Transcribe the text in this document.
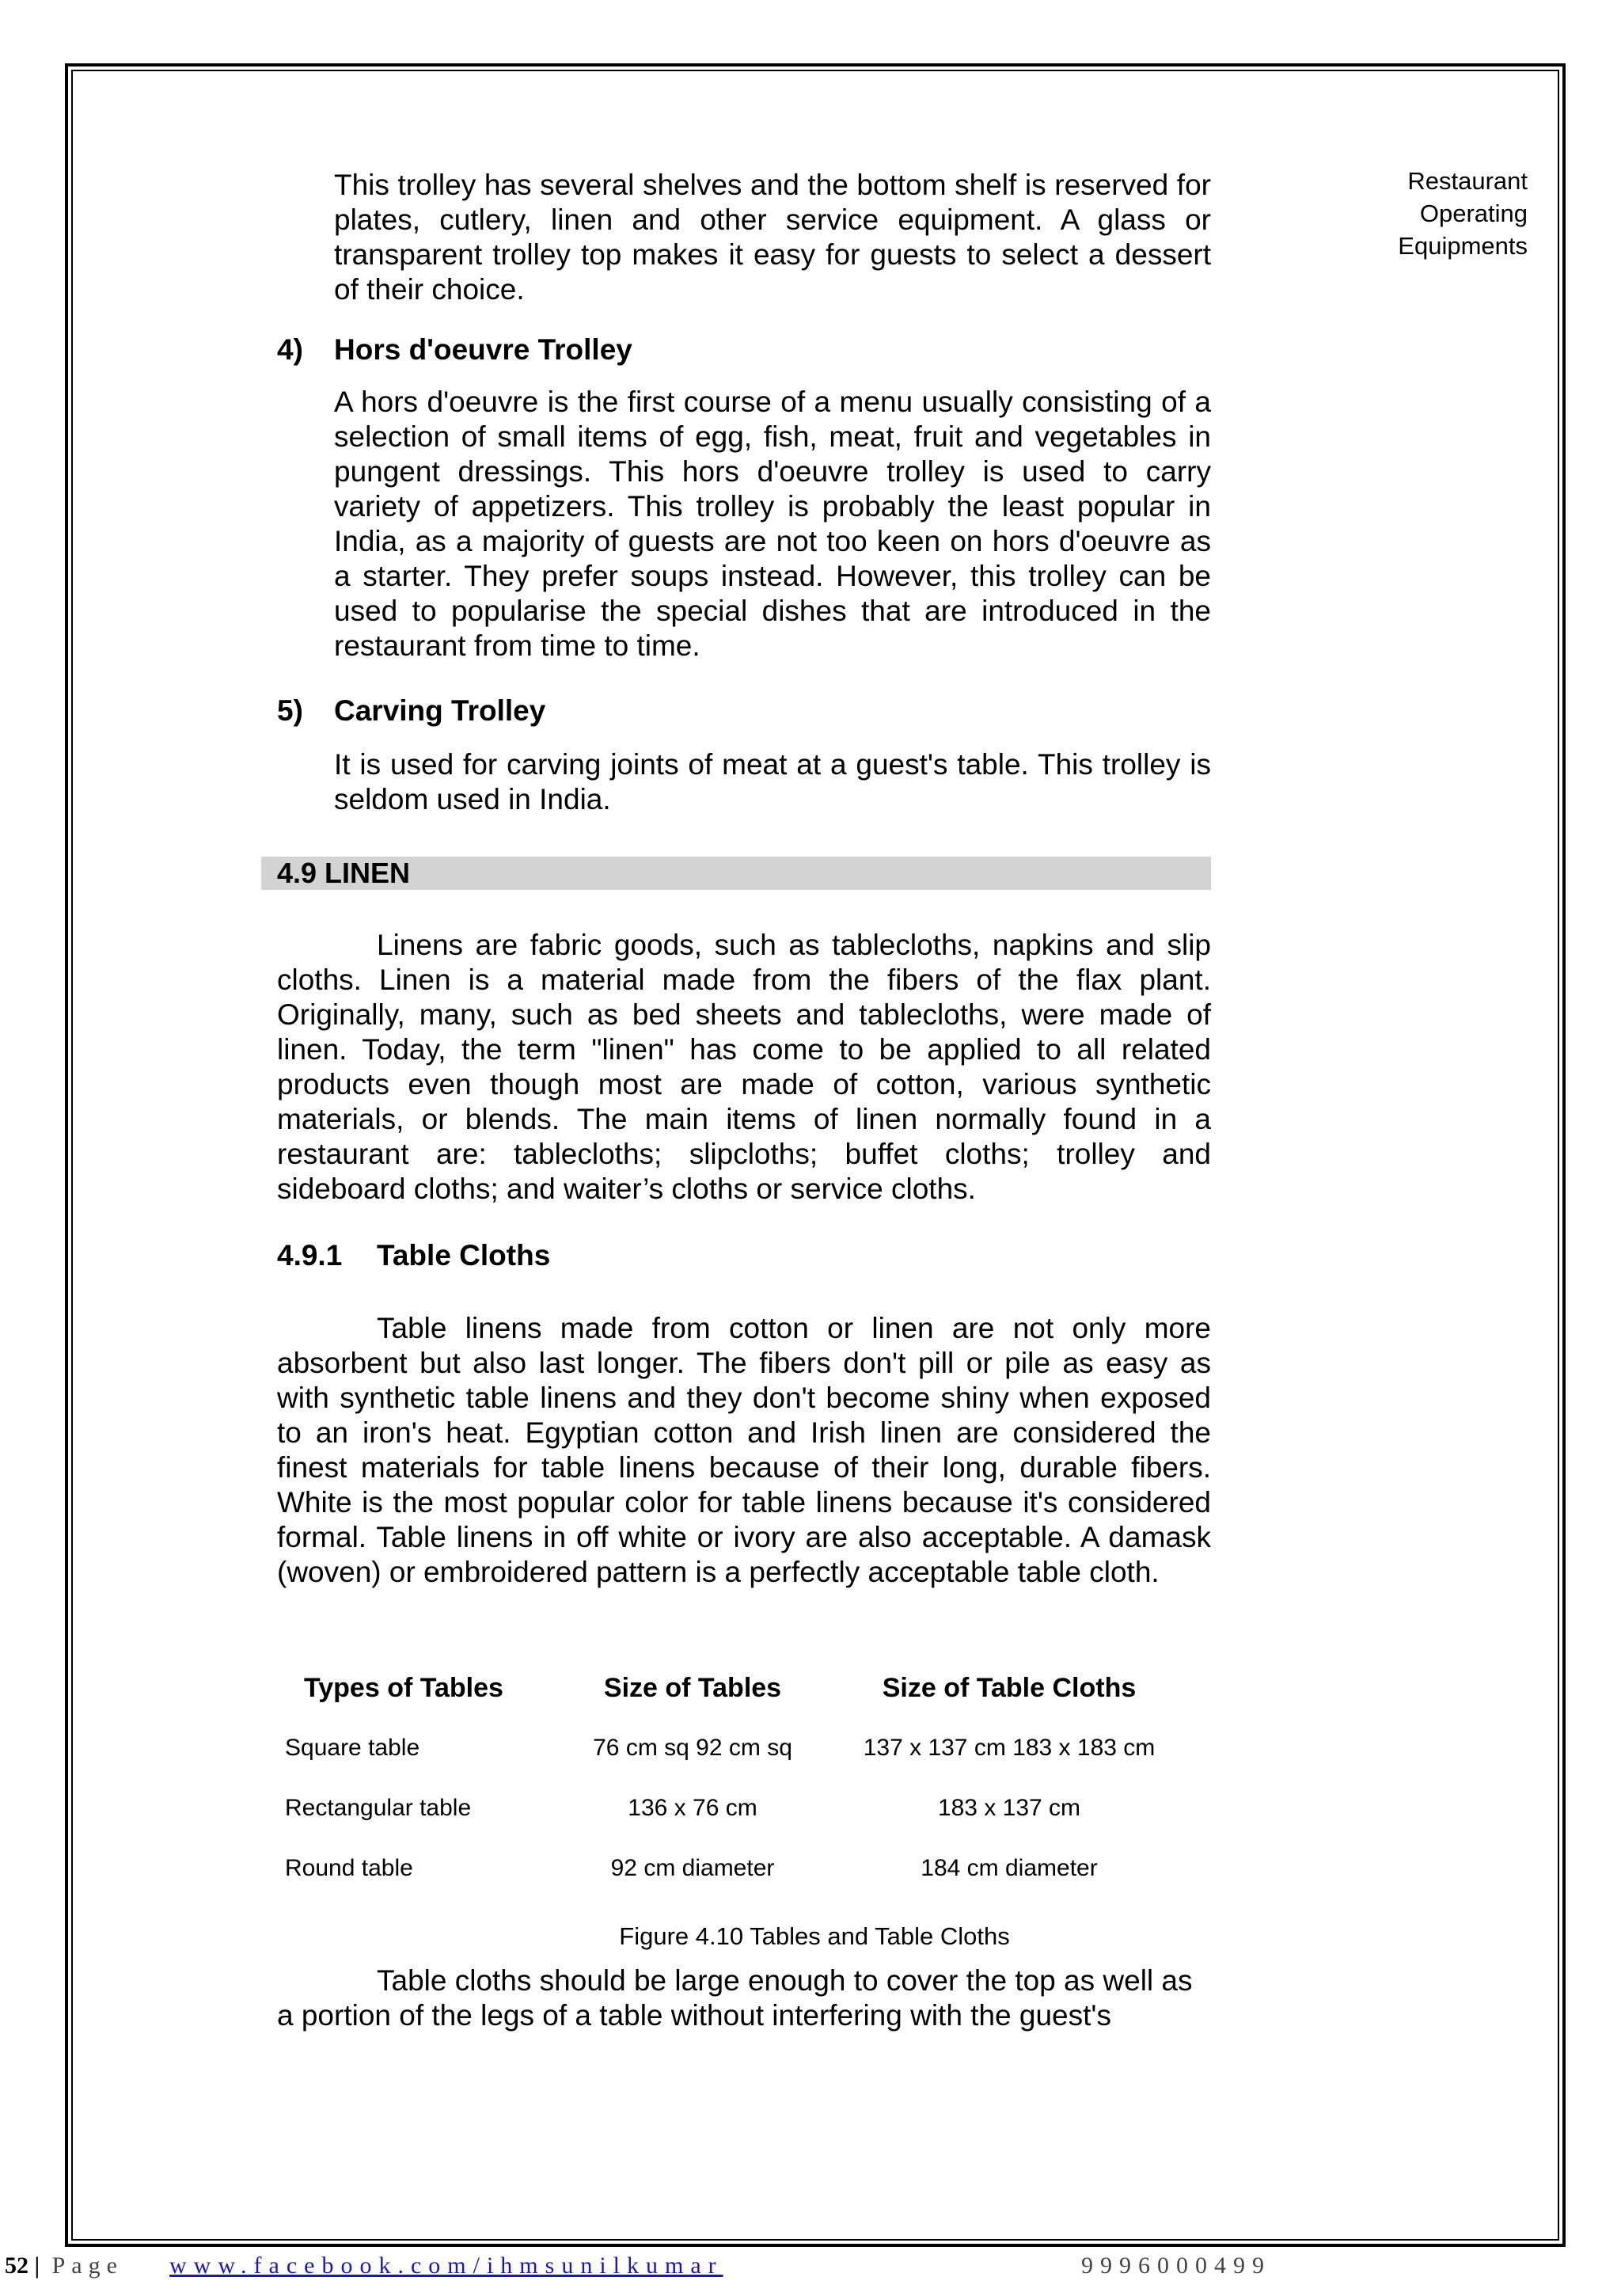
Restaurant
Operating
Equipments

This trolley has several shelves and the bottom shelf is reserved for plates, cutlery, linen and other service equipment. A glass or transparent trolley top makes it easy for guests to select a dessert of their choice.

4) Hors d'oeuvre Trolley

A hors d'oeuvre is the first course of a menu usually consisting of a selection of small items of egg, fish, meat, fruit and vegetables in pungent dressings. This hors d'oeuvre trolley is used to carry variety of appetizers. This trolley is probably the least popular in India, as a majority of guests are not too keen on hors d'oeuvre as a starter. They prefer soups instead. However, this trolley can be used to popularise the special dishes that are introduced in the restaurant from time to time.

5) Carving Trolley

It is used for carving joints of meat at a guest's table. This trolley is seldom used in India.

4.9 LINEN

Linens are fabric goods, such as tablecloths, napkins and slip cloths. Linen is a material made from the fibers of the flax plant. Originally, many, such as bed sheets and tablecloths, were made of linen. Today, the term "linen" has come to be applied to all related products even though most are made of cotton, various synthetic materials, or blends. The main items of linen normally found in a restaurant are: tablecloths; slipcloths; buffet cloths; trolley and sideboard cloths; and waiter’s cloths or service cloths.

4.9.1 Table Cloths

Table linens made from cotton or linen are not only more absorbent but also last longer. The fibers don't pill or pile as easy as with synthetic table linens and they don't become shiny when exposed to an iron's heat. Egyptian cotton and Irish linen are considered the finest materials for table linens because of their long, durable fibers. White is the most popular color for table linens because it's considered formal. Table linens in off white or ivory are also acceptable. A damask (woven) or embroidered pattern is a perfectly acceptable table cloth.

Types of Tables	Size of Tables	Size of Table Cloths
Square table	76 cm sq 92 cm sq	137 x 137 cm 183 x 183 cm
Rectangular table	136 x 76 cm	183 x 137 cm
Round table	92 cm diameter	184 cm diameter
Figure 4.10 Tables and Table Cloths

Table cloths should be large enough to cover the top as well as a portion of the legs of a table without interfering with the guest's

52 | Page www.facebook.com/ihmsunilkumar	9996000499
